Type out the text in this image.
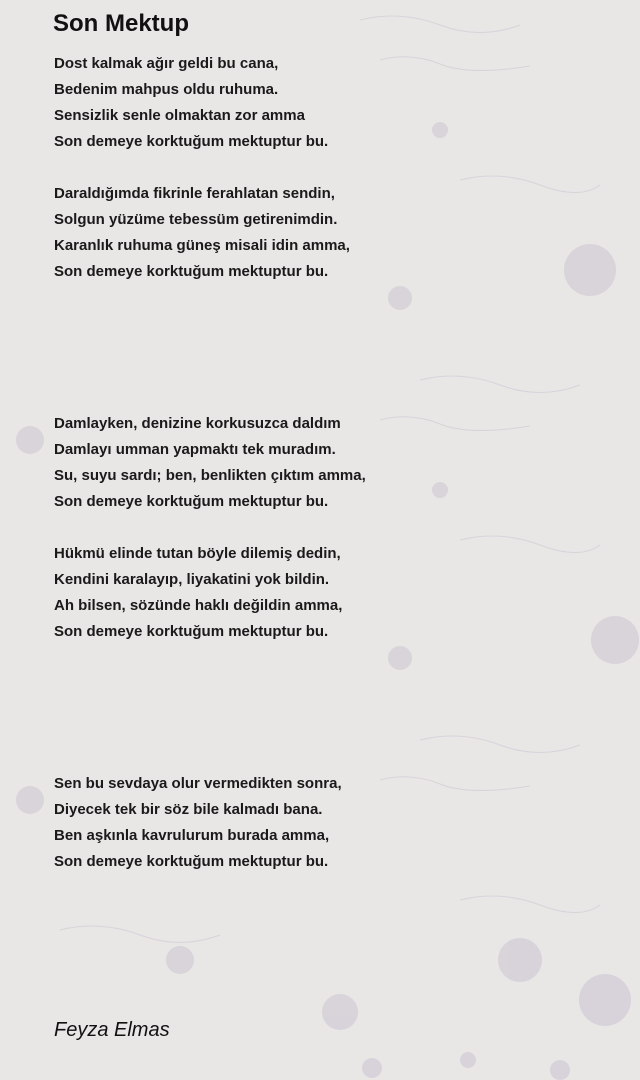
Son Mektup
Dost kalmak ağır geldi bu cana,
Bedenim mahpus oldu ruhuma.
Sensizlik senle olmaktan zor amma
Son demeye korktuğum mektuptur bu.
Daraldığımda fikrinle ferahlatan sendin,
Solgun yüzüme tebessüm getirenimdin.
Karanlık ruhuma güneş misali idin amma,
Son demeye korktuğum mektuptur bu.
Damlayken, denizine korkusuzca daldım
Damlayı umman yapmaktı tek muradım.
Su, suyu sardı; ben, benlikten çıktım amma,
Son demeye korktuğum mektuptur bu.
Hükmü elinde tutan böyle dilemiş dedin,
Kendini karalayıp, liyakatini yok bildin.
Ah bilsen, sözünde haklı değildin amma,
Son demeye korktuğum mektuptur bu.
Sen bu sevdaya olur vermedikten sonra,
Diyecek tek bir söz bile kalmadı bana.
Ben aşkınla kavrulurum burada amma,
Son demeye korktuğum mektuptur bu.
Feyza Elmas
